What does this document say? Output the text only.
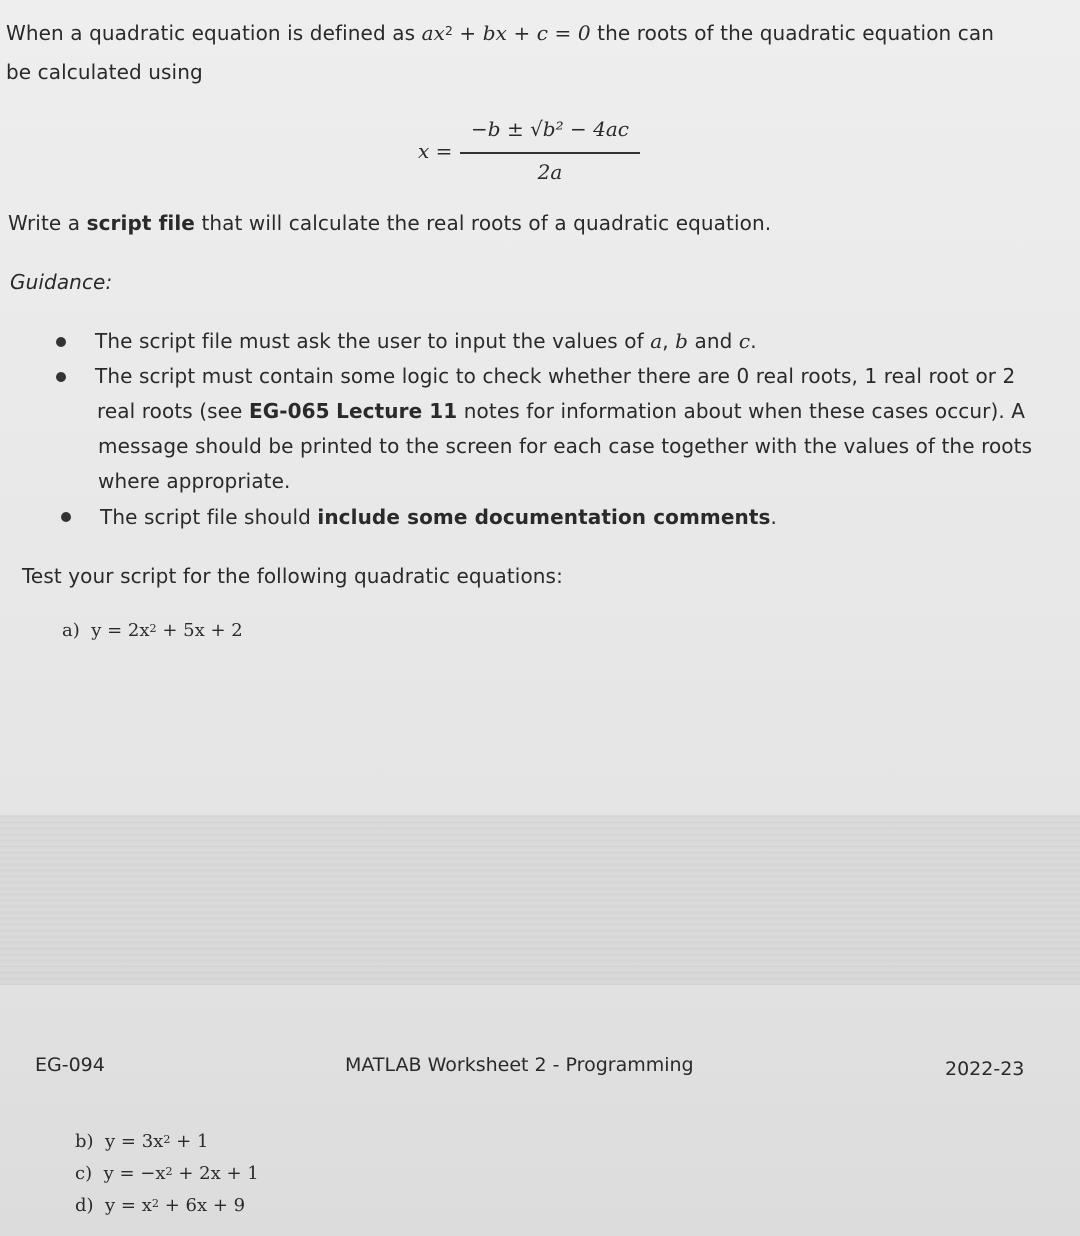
When a quadratic equation is defined as $ax^2$ + bx + c = 0 the roots of the quadratic equation can
be calculated using
x =
−b ± √b² − 4ac
2a
Write a script file that will calculate the real roots of a quadratic equation.
Guidance:
The script file must ask the user to input the values of a, b and c.
The script must contain some logic to check whether there are 0 real roots, 1 real root or 2
real roots (see EG-065 Lecture 11 notes for information about when these cases occur). A
message should be printed to the screen for each case together with the values of the roots
where appropriate.
The script file should include some documentation comments.
Test your script for the following quadratic equations:
a) $y = 2x^2 + 5x + 2$
EG-094	MATLAB Worksheet 2 - Programming	2022-23
b) $y = 3x^2 + 1$
c) $y = -x^2 + 2x + 1$
d) $y = x^2 + 6x + 9$
